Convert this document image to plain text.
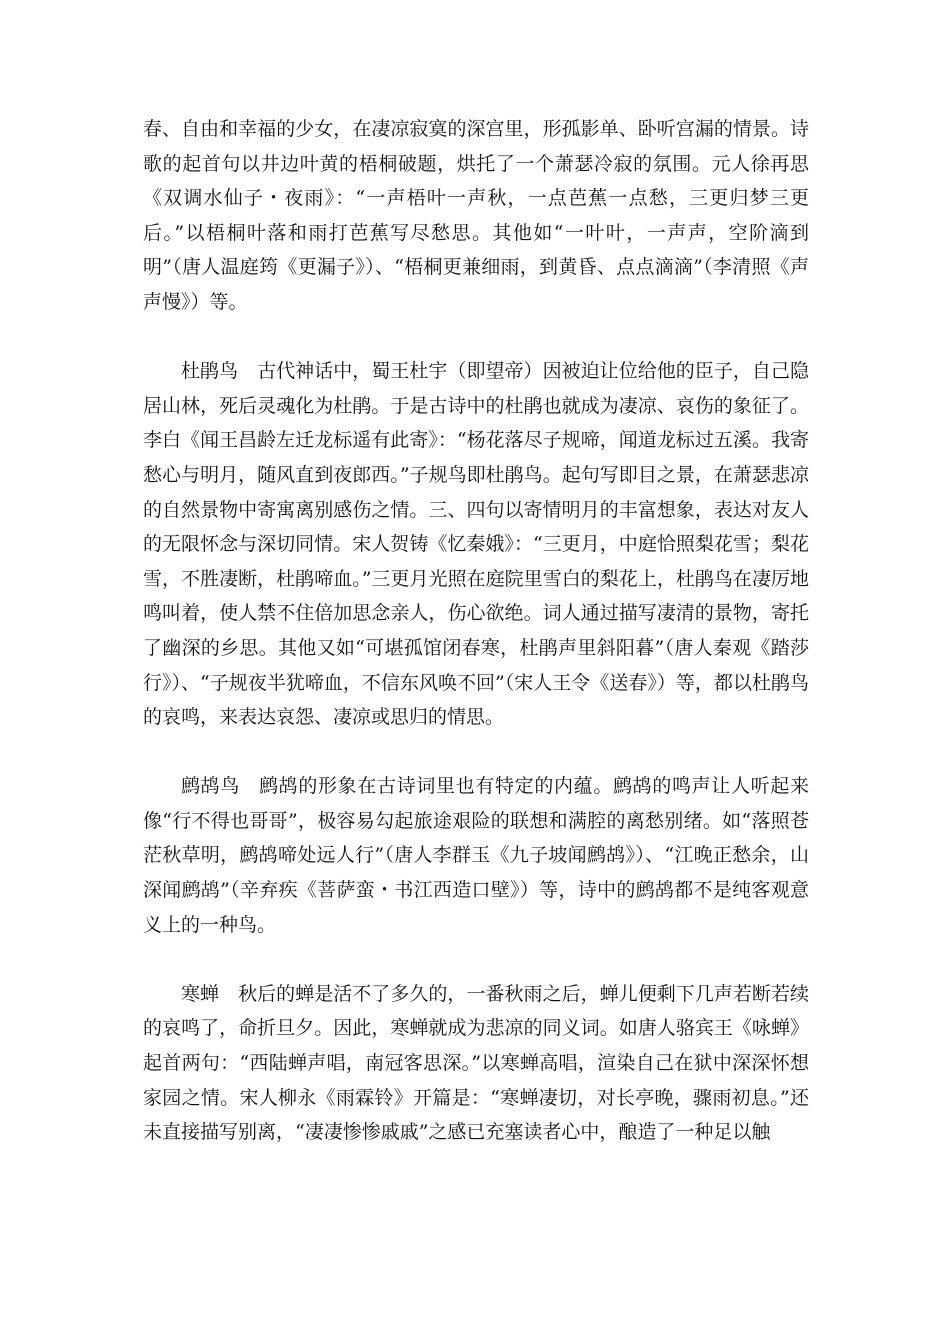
春、自由和幸福的少女，在凄凉寂寞的深宫里，形孤影单、卧听宫漏的情景。诗歌的起首句以井边叶黄的梧桐破题，烘托了一个萧瑟冷寂的氛围。元人徐再思《双调水仙子・夜雨》：“一声梧叶一声秋，一点芭蕉一点愁，三更归梦三更后。”以梧桐叶落和雨打芭蕉写尽愁思。其他如“一叶叶，一声声，空阶滴到明”（唐人温庭筠《更漏子》）、“梧桐更兼细雨，到黄昏、点点滴滴”（李清照《声声慢》）等。

杜鹃鸟 古代神话中，蜀王杜宇（即望帝）因被迫让位给他的臣子，自己隐居山林，死后灵魂化为杜鹃。于是古诗中的杜鹃也就成为凄凉、哀伤的象征了。李白《闻王昌龄左迁龙标遥有此寄》：“杨花落尽子规啼，闻道龙标过五溪。我寄愁心与明月，随风直到夜郎西。”子规鸟即杜鹃鸟。起句写即目之景，在萧瑟悲凉的自然景物中寄寓离别感伤之情。三、四句以寄情明月的丰富想象，表达对友人的无限怀念与深切同情。宋人贺铸《忆秦娥》：“三更月，中庭恰照梨花雪；梨花雪，不胜凄断，杜鹃啼血。”三更月光照在庭院里雪白的梨花上，杜鹃鸟在凄厉地鸣叫着，使人禁不住倍加思念亲人，伤心欲绝。词人通过描写凄清的景物，寄托了幽深的乡思。其他又如“可堪孤馆闭春寒，杜鹃声里斜阳暮”（唐人秦观《踏莎行》）、“子规夜半犹啼血，不信东风唤不回”（宋人王令《送春》）等，都以杜鹃鸟的哀鸣，来表达哀怨、凄凉或思归的情思。

鹧鸪鸟 鹧鸪的形象在古诗词里也有特定的内蕴。鹧鸪的鸣声让人听起来像“行不得也哥哥”，极容易勾起旅途艰险的联想和满腔的离愁别绪。如“落照苍茫秋草明，鹧鸪啼处远人行”（唐人李群玉《九子坡闻鹧鸪》）、“江晚正愁余，山深闻鹧鸪”（辛弃疾《菩萨蛮・书江西造口壁》）等，诗中的鹧鸪都不是纯客观意义上的一种鸟。

寒蝉 秋后的蝉是活不了多久的，一番秋雨之后，蝉儿便剩下几声若断若续的哀鸣了，命折旦夕。因此，寒蝉就成为悲凉的同义词。如唐人骆宾王《咏蝉》起首两句：“西陆蝉声唱，南冠客思深。”以寒蝉高唱，渲染自己在狱中深深怀想家园之情。宋人柳永《雨霖铃》开篇是：“寒蝉凄切，对长亭晚，骤雨初息。”还未直接描写别离，“凄凄惨惨戚戚”之感已充塞读者心中，酿造了一种足以触
